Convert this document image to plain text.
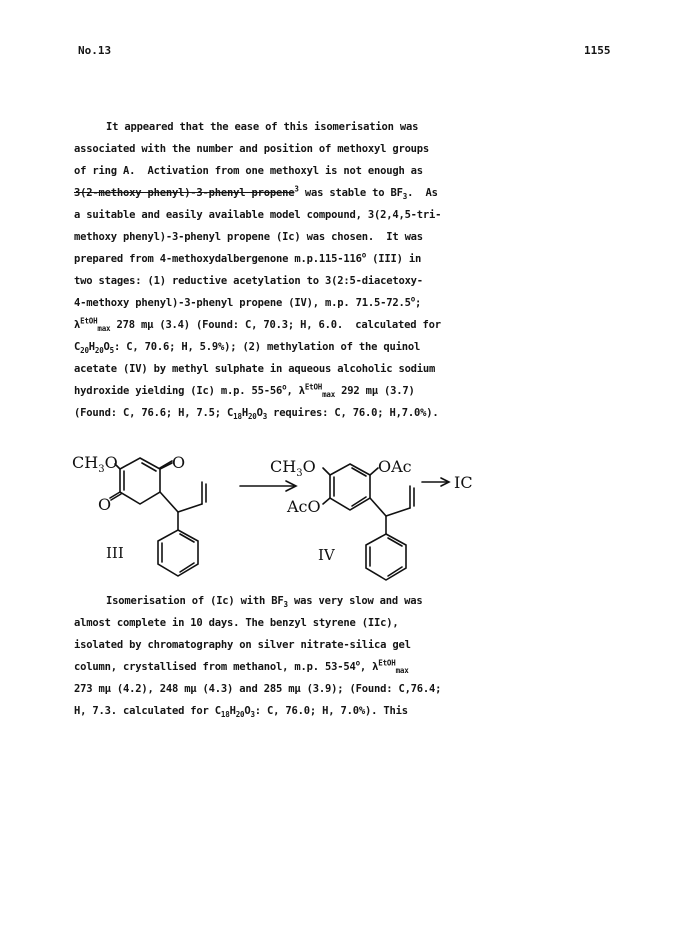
No.13	1155
It appeared that the ease of this isomerisation was
associated with the number and position of methoxyl groups
of ring A.  Activation from one methoxyl is not enough as
3(2-methoxy phenyl)-3-phenyl propene$^3$ was stable to $BF_3$.  As
a suitable and easily available model compound, 3(2,4,5-tri-
methoxy phenyl)-3-phenyl propene (Ic) was chosen.  It was
prepared from 4-methoxydalbergenone m.p.115-116$^o$ (III) in
two stages: (1) reductive acetylation to 3(2:5-diacetoxy-
4-methoxy phenyl)-3-phenyl propene (IV), m.p. 71.5-72.5$^o$;
$\lambda^{EtOH}_{max}$ 278 mμ (3.4) (Found: C, 70.3; H, 6.0.  calculated for
$C_{20}H_{20}O_5$: C, 70.6; H, 5.9%); (2) methylation of the quinol
acetate (IV) by methyl sulphate in aqueous alcoholic sodium
hydroxide yielding (Ic) m.p. 55-56$^o$, $\lambda^{EtOH}_{max}$ 292 mμ (3.7)
(Found: C, 76.6; H, 7.5; $C_{18}H_{20}O_3$ requires: C, 76.0; H,7.0%).
$CH_3O$	O
O
III
$CH_3O$	OAc
AcO
IV
IC
Isomerisation of (Ic) with $BF_3$ was very slow and was
almost complete in 10 days. The benzyl styrene (IIc),
isolated by chromatography on silver nitrate-silica gel
column, crystallised from methanol, m.p. 53-54$^o$, $\lambda^{EtOH}_{max}$
273 mμ (4.2), 248 mμ (4.3) and 285 mμ (3.9); (Found: C,76.4;
H, 7.3. calculated for $C_{18}H_{20}O_3$: C, 76.0; H, 7.0%). This
